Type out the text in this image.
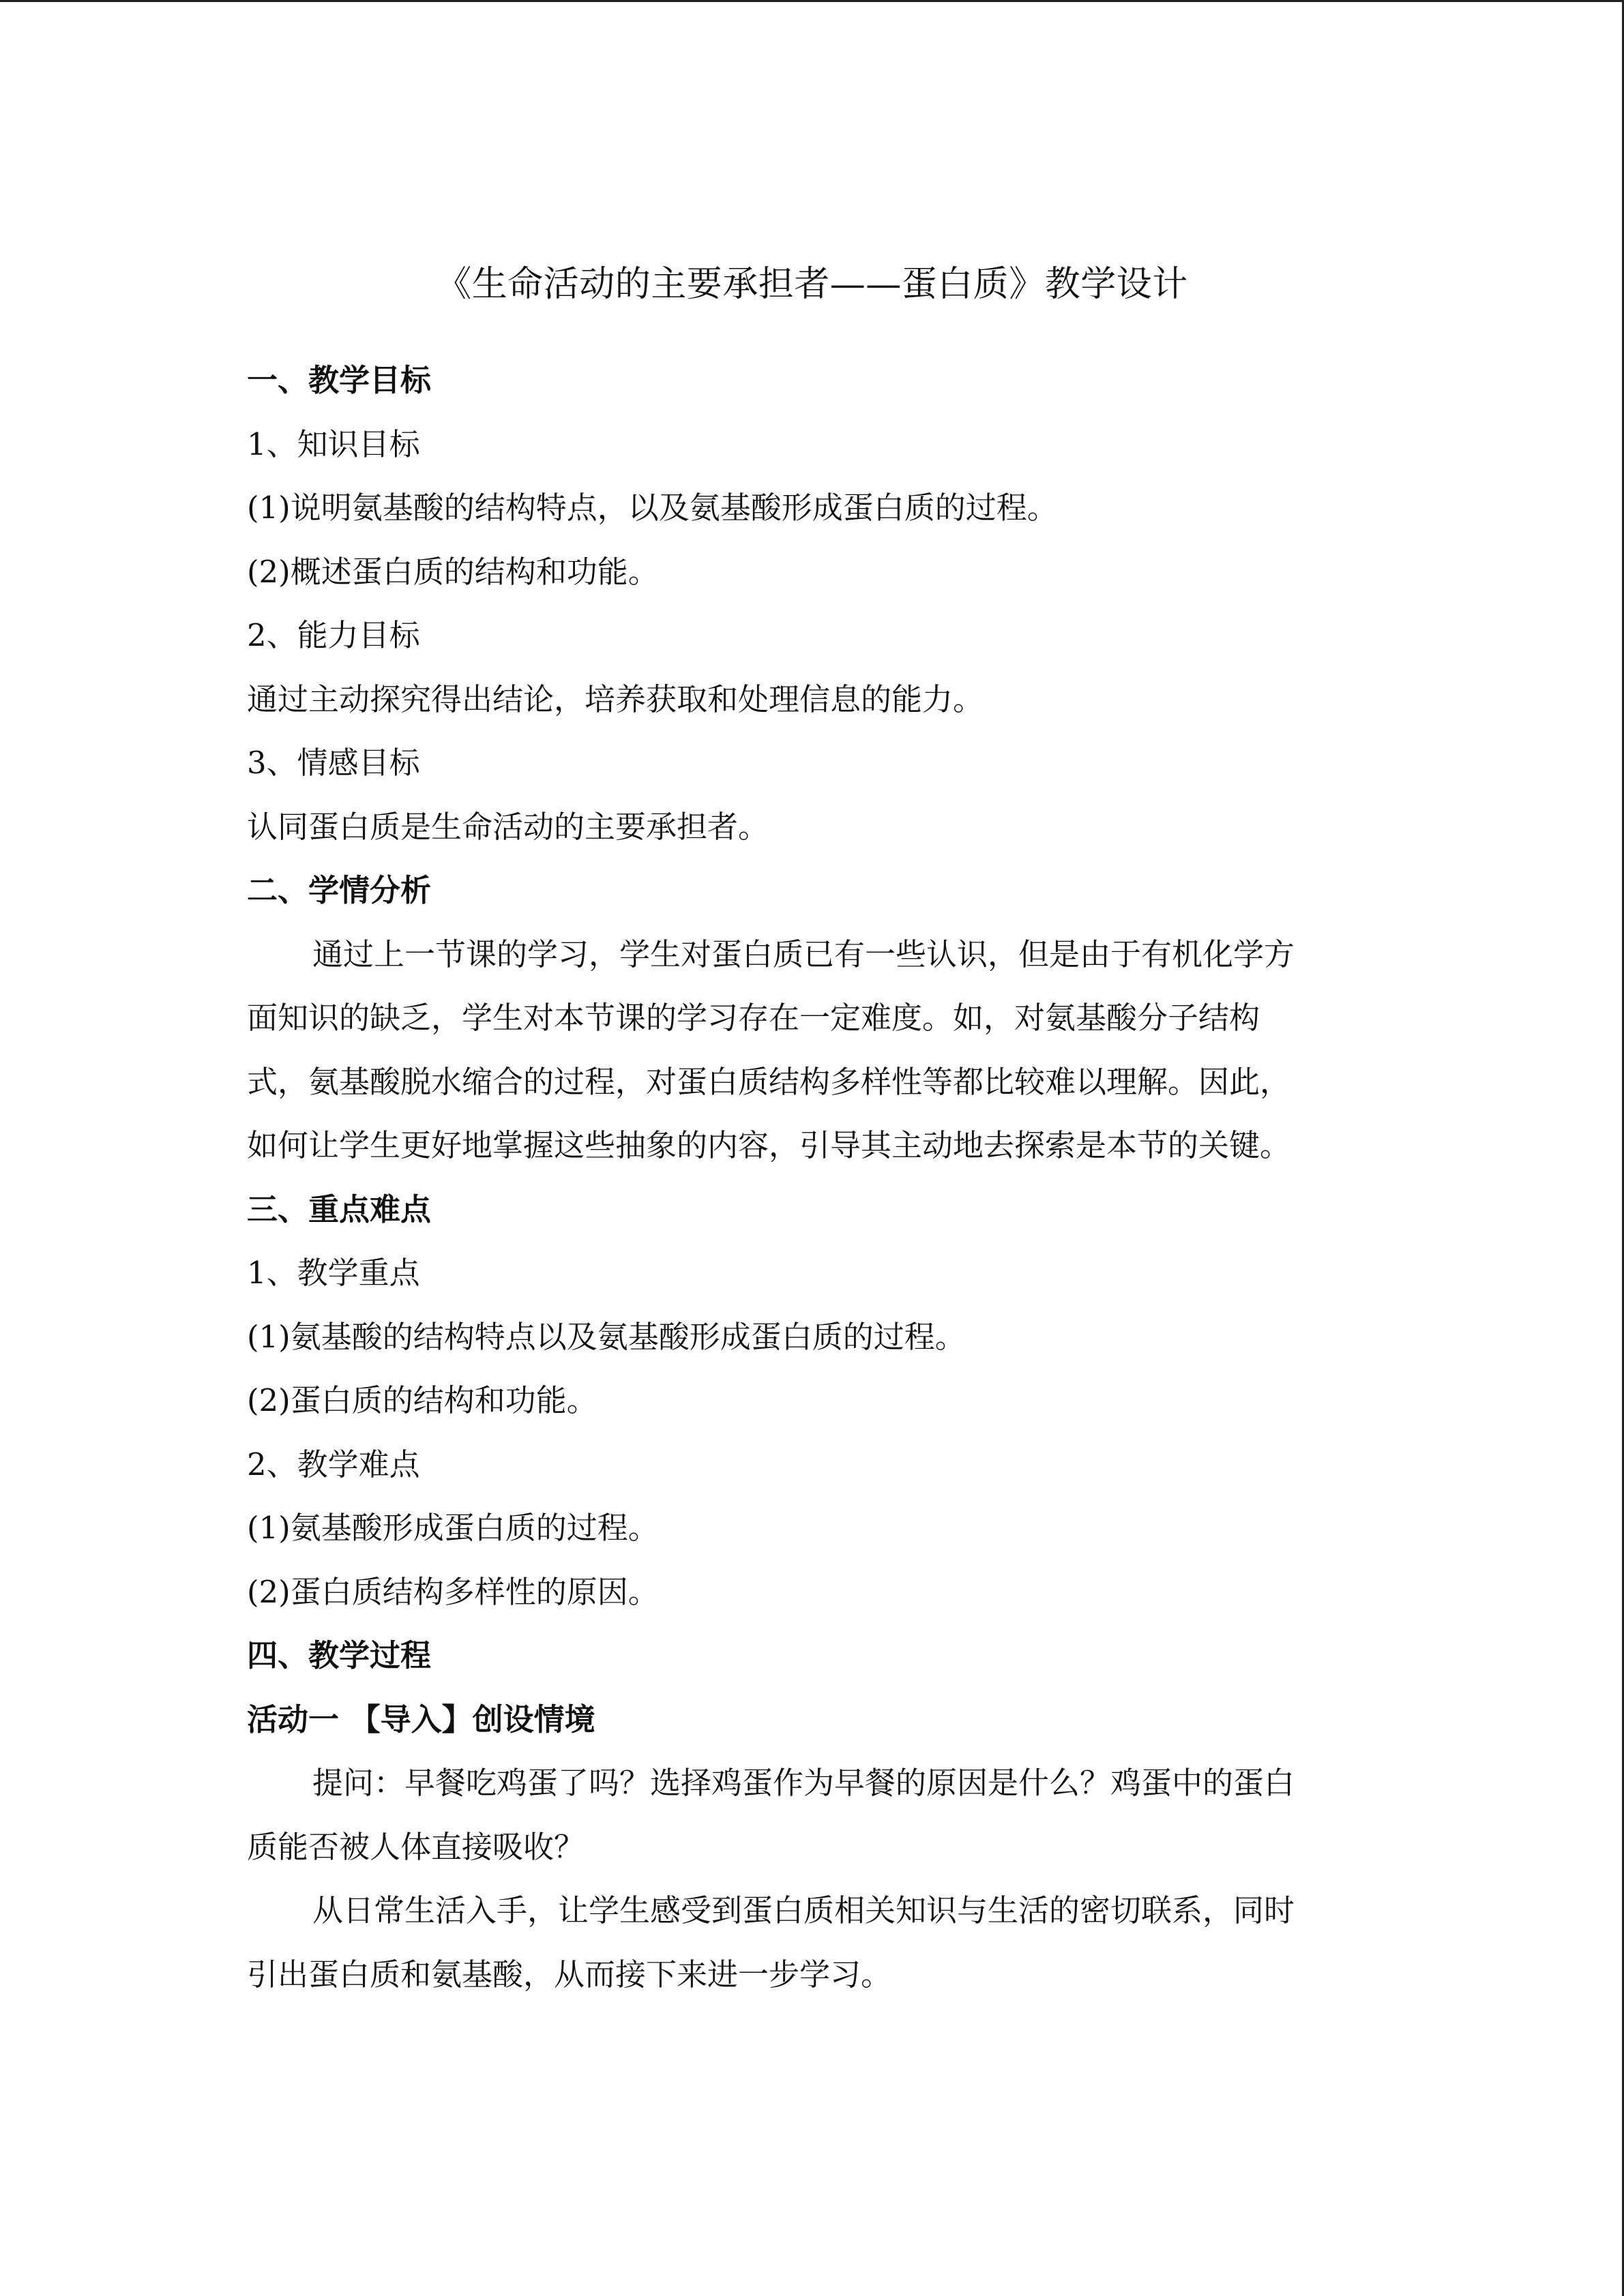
《生命活动的主要承担者——蛋白质》教学设计
一、教学目标
1、知识目标
(1)说明氨基酸的结构特点，以及氨基酸形成蛋白质的过程。
(2)概述蛋白质的结构和功能。
2、能力目标
通过主动探究得出结论，培养获取和处理信息的能力。
3、情感目标
认同蛋白质是生命活动的主要承担者。
二、学情分析
通过上一节课的学习，学生对蛋白质已有一些认识，但是由于有机化学方
面知识的缺乏，学生对本节课的学习存在一定难度。如，对氨基酸分子结构
式，氨基酸脱水缩合的过程，对蛋白质结构多样性等都比较难以理解。因此，
如何让学生更好地掌握这些抽象的内容，引导其主动地去探索是本节的关键。
三、重点难点
1、教学重点
(1)氨基酸的结构特点以及氨基酸形成蛋白质的过程。
(2)蛋白质的结构和功能。
2、教学难点
(1)氨基酸形成蛋白质的过程。
(2)蛋白质结构多样性的原因。
四、教学过程
活动一 【导入】创设情境
提问：早餐吃鸡蛋了吗？选择鸡蛋作为早餐的原因是什么？鸡蛋中的蛋白
质能否被人体直接吸收？
从日常生活入手，让学生感受到蛋白质相关知识与生活的密切联系，同时
引出蛋白质和氨基酸，从而接下来进一步学习。
